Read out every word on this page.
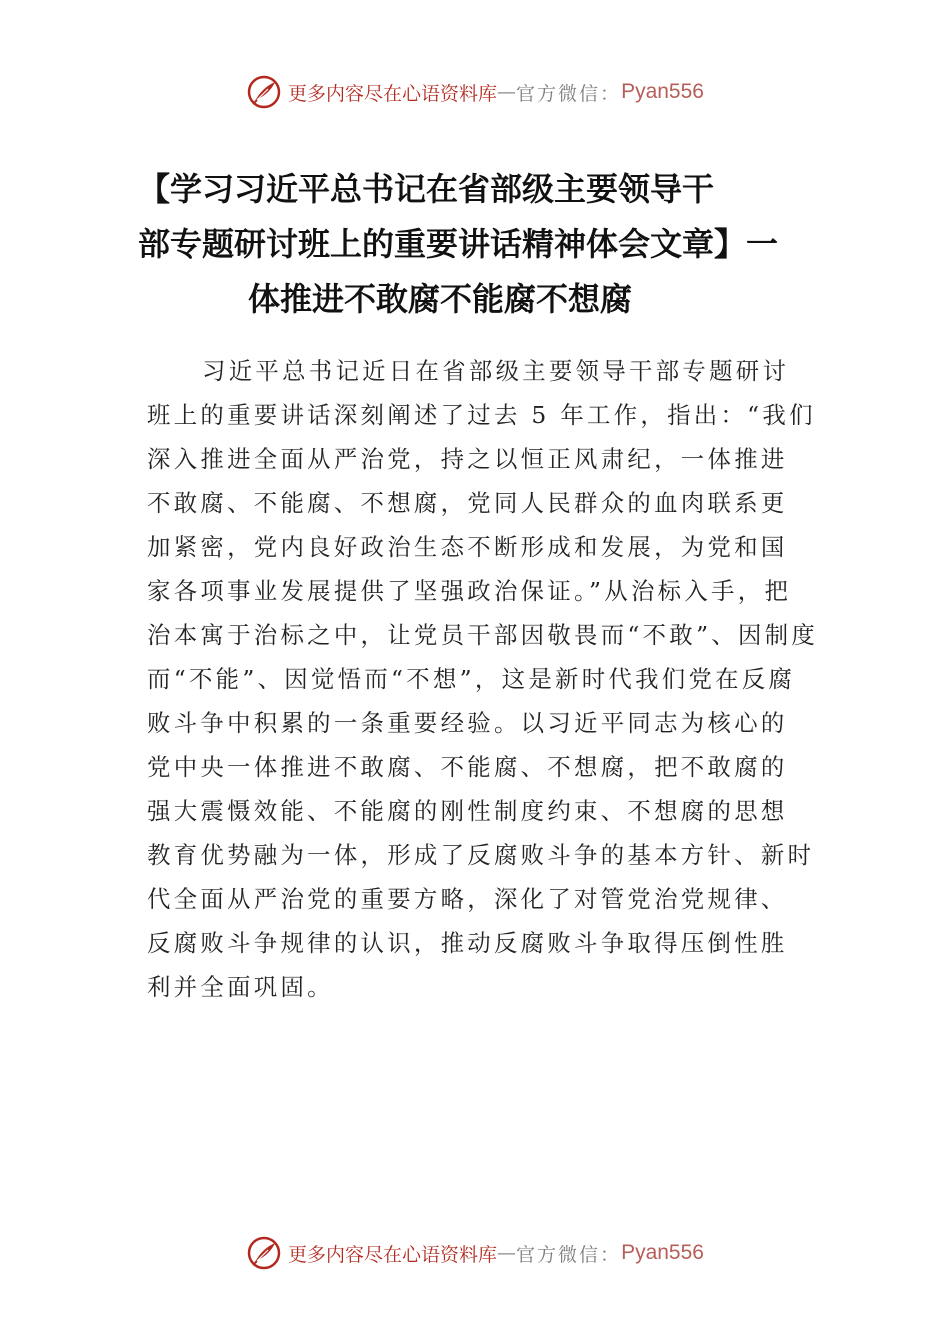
更多内容尽在心语资料库 — 官方微信： Pyan556
【学习习近平总书记在省部级主要领导干
部专题研讨班上的重要讲话精神体会文章】一
体推进不敢腐不能腐不想腐
习近平总书记近日在省部级主要领导干部专题研讨
班上的重要讲话深刻阐述了过去 5 年工作，指出：“我们
深入推进全面从严治党，持之以恒正风肃纪，一体推进
不敢腐、不能腐、不想腐，党同人民群众的血肉联系更
加紧密，党内良好政治生态不断形成和发展，为党和国
家各项事业发展提供了坚强政治保证。”从治标入手，把
治本寓于治标之中，让党员干部因敬畏而“不敢”、因制度
而“不能”、因觉悟而“不想”，这是新时代我们党在反腐
败斗争中积累的一条重要经验。以习近平同志为核心的
党中央一体推进不敢腐、不能腐、不想腐，把不敢腐的
强大震慑效能、不能腐的刚性制度约束、不想腐的思想
教育优势融为一体，形成了反腐败斗争的基本方针、新时
代全面从严治党的重要方略，深化了对管党治党规律、
反腐败斗争规律的认识，推动反腐败斗争取得压倒性胜
利并全面巩固。
更多内容尽在心语资料库 — 官方微信： Pyan556
